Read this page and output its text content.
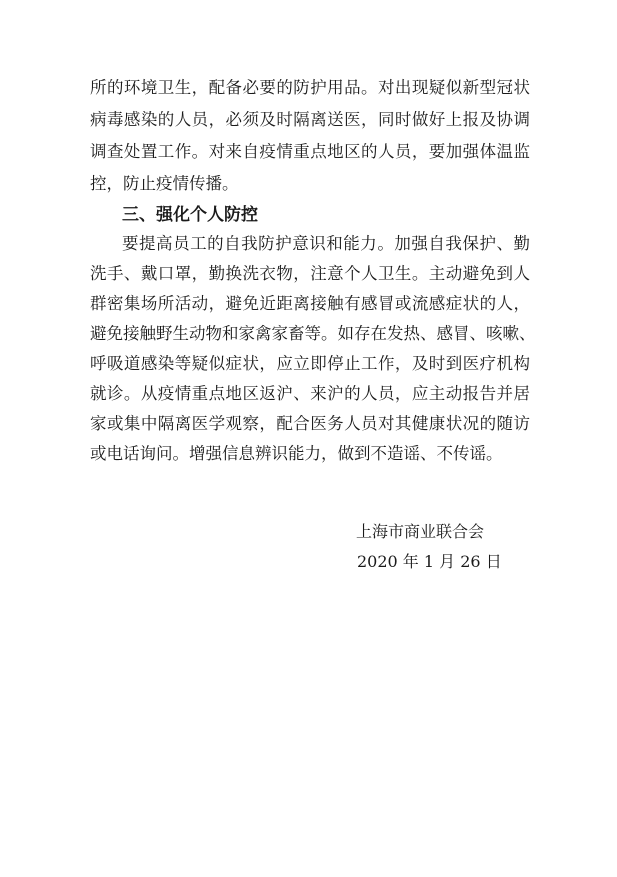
所的环境卫生，配备必要的防护用品。对出现疑似新型冠状
病毒感染的人员，必须及时隔离送医，同时做好上报及协调
调查处置工作。对来自疫情重点地区的人员，要加强体温监
控，防止疫情传播。
三、强化个人防控
要提高员工的自我防护意识和能力。加强自我保护、勤
洗手、戴口罩，勤换洗衣物，注意个人卫生。主动避免到人
群密集场所活动，避免近距离接触有感冒或流感症状的人，
避免接触野生动物和家禽家畜等。如存在发热、感冒、咳嗽、
呼吸道感染等疑似症状，应立即停止工作，及时到医疗机构
就诊。从疫情重点地区返沪、来沪的人员，应主动报告并居
家或集中隔离医学观察，配合医务人员对其健康状况的随访
或电话询问。增强信息辨识能力，做到不造谣、不传谣。
上海市商业联合会
2020 年 1 月 26 日
